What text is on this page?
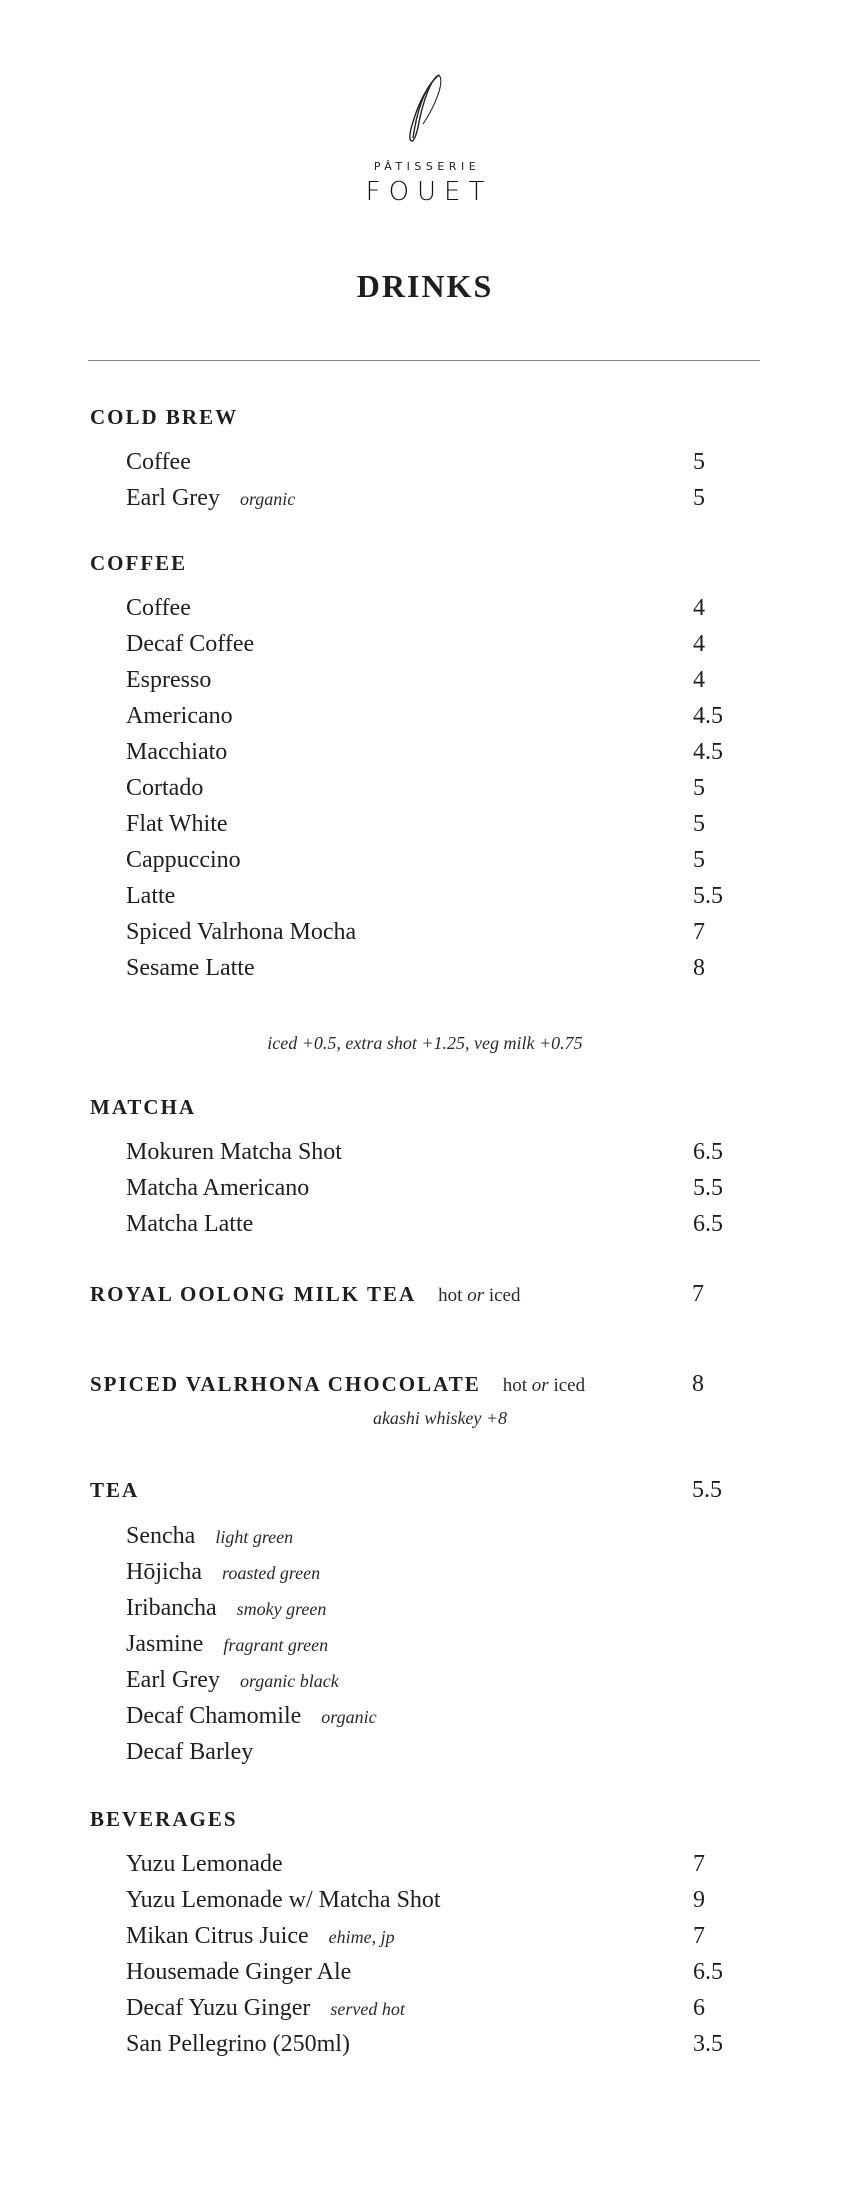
PÂTISSERIE
FOUET
DRINKS
COLD BREW
Coffee	5
Earl Grey organic	5
COFFEE
Coffee	4
Decaf Coffee	4
Espresso	4
Americano	4.5
Macchiato	4.5
Cortado	5
Flat White	5
Cappuccino	5
Latte	5.5
Spiced Valrhona Mocha	7
Sesame Latte	8
iced +0.5, extra shot +1.25, veg milk +0.75
MATCHA
Mokuren Matcha Shot	6.5
Matcha Americano	5.5
Matcha Latte	6.5
ROYAL OOLONG MILK TEA hot or iced	7
SPICED VALRHONA CHOCOLATE hot or iced	8
akashi whiskey +8
TEA	5.5
Sencha light green
Hōjicha roasted green
Iribancha smoky green
Jasmine fragrant green
Earl Grey organic black
Decaf Chamomile organic
Decaf Barley
BEVERAGES
Yuzu Lemonade	7
Yuzu Lemonade w/ Matcha Shot	9
Mikan Citrus Juice ehime, jp	7
Housemade Ginger Ale	6.5
Decaf Yuzu Ginger served hot	6
San Pellegrino (250ml)	3.5
